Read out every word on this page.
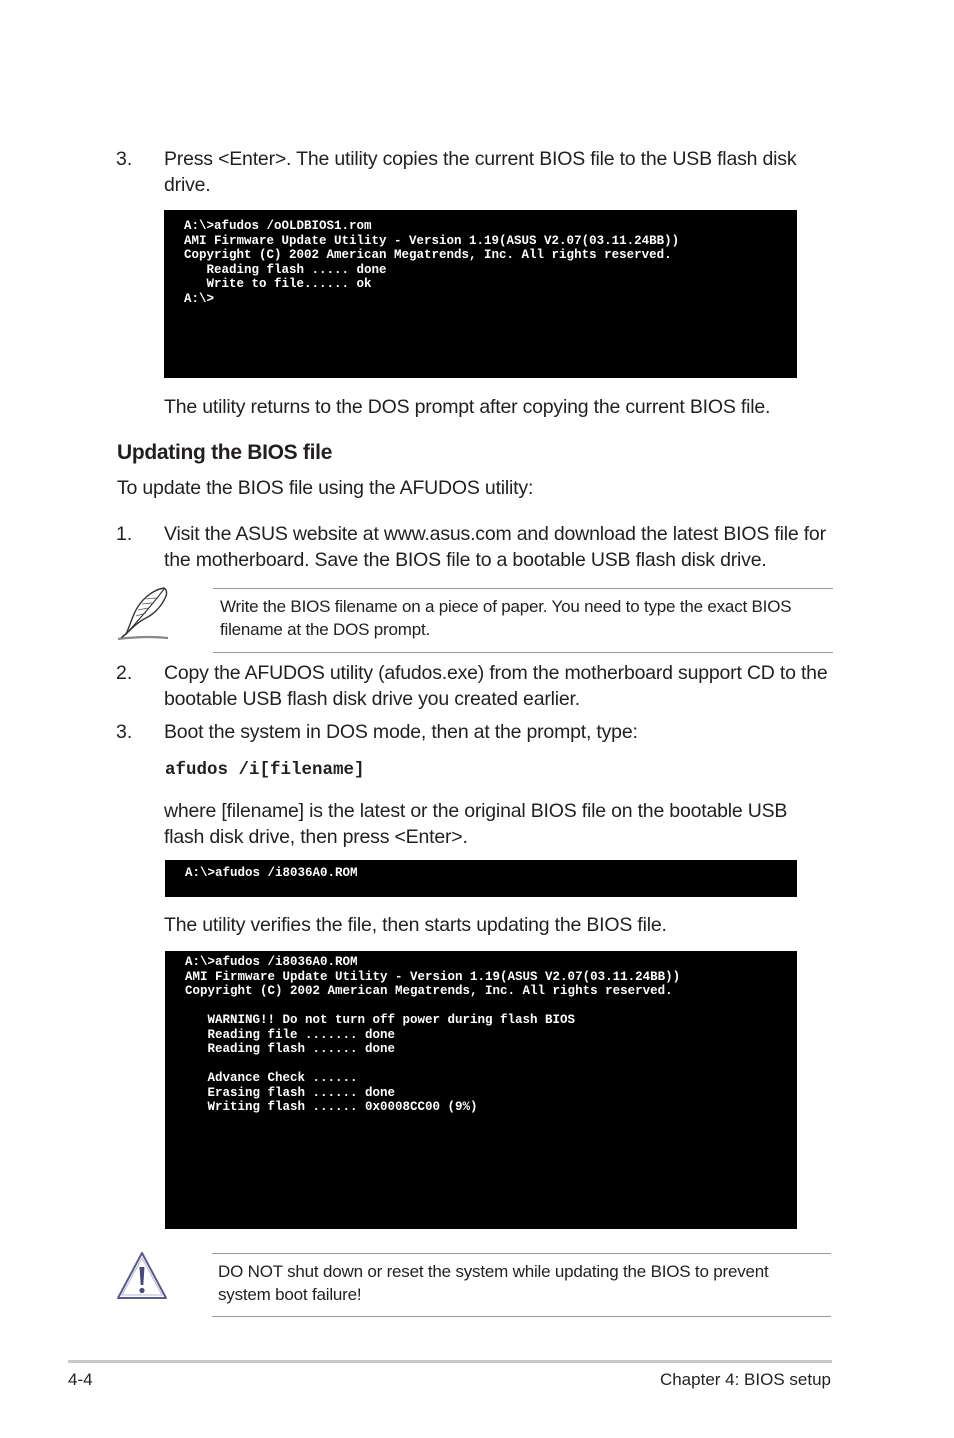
3. Press <Enter>. The utility copies the current BIOS file to the USB flash disk drive.
A:\>afudos /oOLDBIOS1.rom
AMI Firmware Update Utility - Version 1.19(ASUS V2.07(03.11.24BB))
Copyright (C) 2002 American Megatrends, Inc. All rights reserved.
Reading flash ..... done
Write to file...... ok
A:\>
The utility returns to the DOS prompt after copying the current BIOS file.
Updating the BIOS file
To update the BIOS file using the AFUDOS utility:
1. Visit the ASUS website at www.asus.com and download the latest BIOS file for the motherboard. Save the BIOS file to a bootable USB flash disk drive.
Write the BIOS filename on a piece of paper. You need to type the exact BIOS filename at the DOS prompt.
2. Copy the AFUDOS utility (afudos.exe) from the motherboard support CD to the bootable USB flash disk drive you created earlier.
3. Boot the system in DOS mode, then at the prompt, type:
afudos /i[filename]
where [filename] is the latest or the original BIOS file on the bootable USB flash disk drive, then press <Enter>.
A:\>afudos /i8036A0.ROM
The utility verifies the file, then starts updating the BIOS file.
A:\>afudos /i8036A0.ROM
AMI Firmware Update Utility - Version 1.19(ASUS V2.07(03.11.24BB))
Copyright (C) 2002 American Megatrends, Inc. All rights reserved.
WARNING!! Do not turn off power during flash BIOS
Reading file ....... done
Reading flash ...... done
Advance Check ......
Erasing flash ...... done
Writing flash ...... 0x0008CC00 (9%)
DO NOT shut down or reset the system while updating the BIOS to prevent system boot failure!
4-4	Chapter 4: BIOS setup
